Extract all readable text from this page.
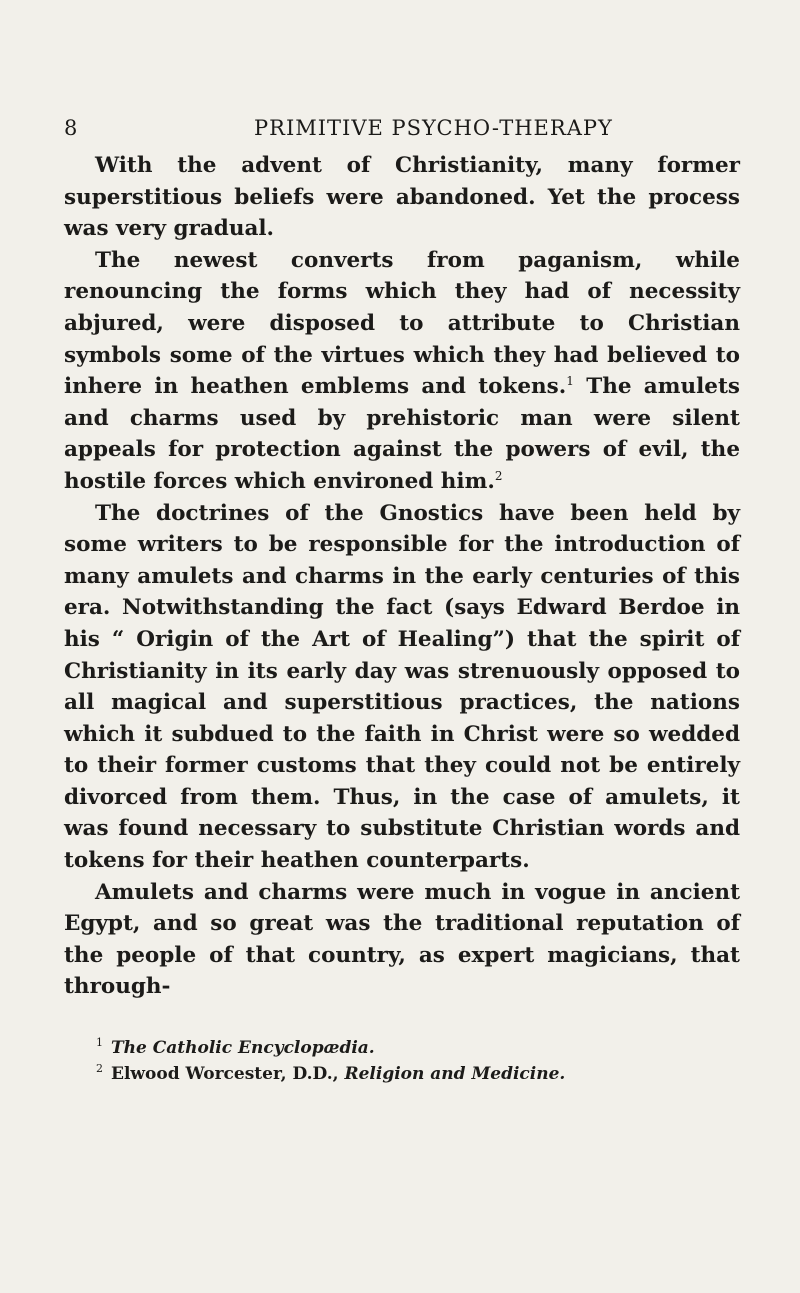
8	PRIMITIVE PSYCHO-THERAPY

With the advent of Christianity, many former superstitious beliefs were abandoned. Yet the process was very gradual.

The newest converts from paganism, while renouncing the forms which they had of necessity abjured, were disposed to attribute to Christian symbols some of the virtues which they had believed to inhere in heathen emblems and tokens.$^1$ The amulets and charms used by prehistoric man were silent appeals for protection against the powers of evil, the hostile forces which environed him.$^2$

The doctrines of the Gnostics have been held by some writers to be responsible for the introduction of many amulets and charms in the early centuries of this era. Notwithstanding the fact (says Edward Berdoe in his “ Origin of the Art of Healing”) that the spirit of Christianity in its early day was strenuously opposed to all magical and superstitious practices, the nations which it subdued to the faith in Christ were so wedded to their former customs that they could not be entirely divorced from them. Thus, in the case of amulets, it was found necessary to substitute Christian words and tokens for their heathen counterparts.

Amulets and charms were much in vogue in ancient Egypt, and so great was the traditional reputation of the people of that country, as expert magicians, that through-

$^1$ The Catholic Encyclopædia.

$^2$ Elwood Worcester, D.D., Religion and Medicine.
